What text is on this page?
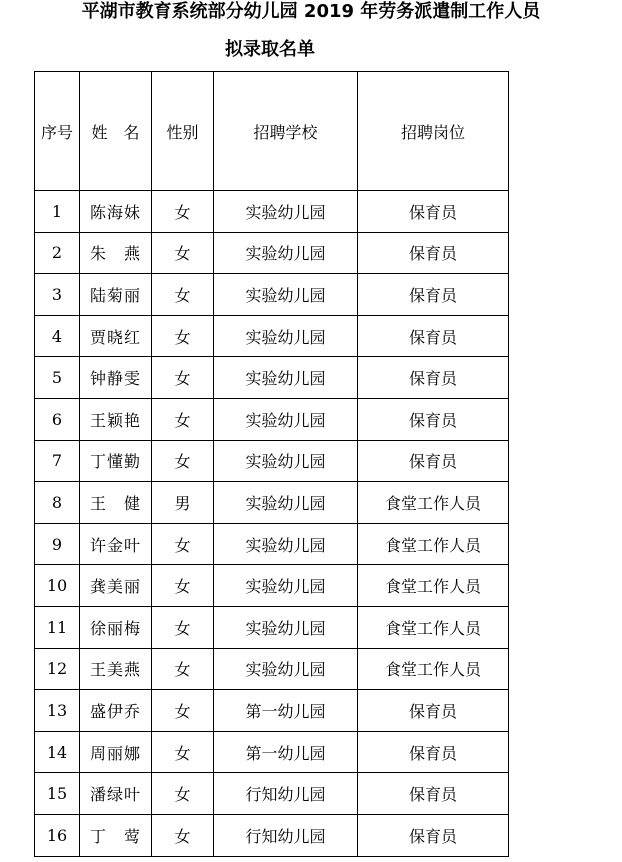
平湖市教育系统部分幼儿园 2019 年劳务派遣制工作人员
拟录取名单
序号	姓　名	性别	招聘学校	招聘岗位
1	陈海妹	女	实验幼儿园	保育员
2	朱　燕	女	实验幼儿园	保育员
3	陆菊丽	女	实验幼儿园	保育员
4	贾晓红	女	实验幼儿园	保育员
5	钟静雯	女	实验幼儿园	保育员
6	王颖艳	女	实验幼儿园	保育员
7	丁懂勤	女	实验幼儿园	保育员
8	王　健	男	实验幼儿园	食堂工作人员
9	许金叶	女	实验幼儿园	食堂工作人员
10	龚美丽	女	实验幼儿园	食堂工作人员
11	徐丽梅	女	实验幼儿园	食堂工作人员
12	王美燕	女	实验幼儿园	食堂工作人员
13	盛伊乔	女	第一幼儿园	保育员
14	周丽娜	女	第一幼儿园	保育员
15	潘绿叶	女	行知幼儿园	保育员
16	丁　莺	女	行知幼儿园	保育员
